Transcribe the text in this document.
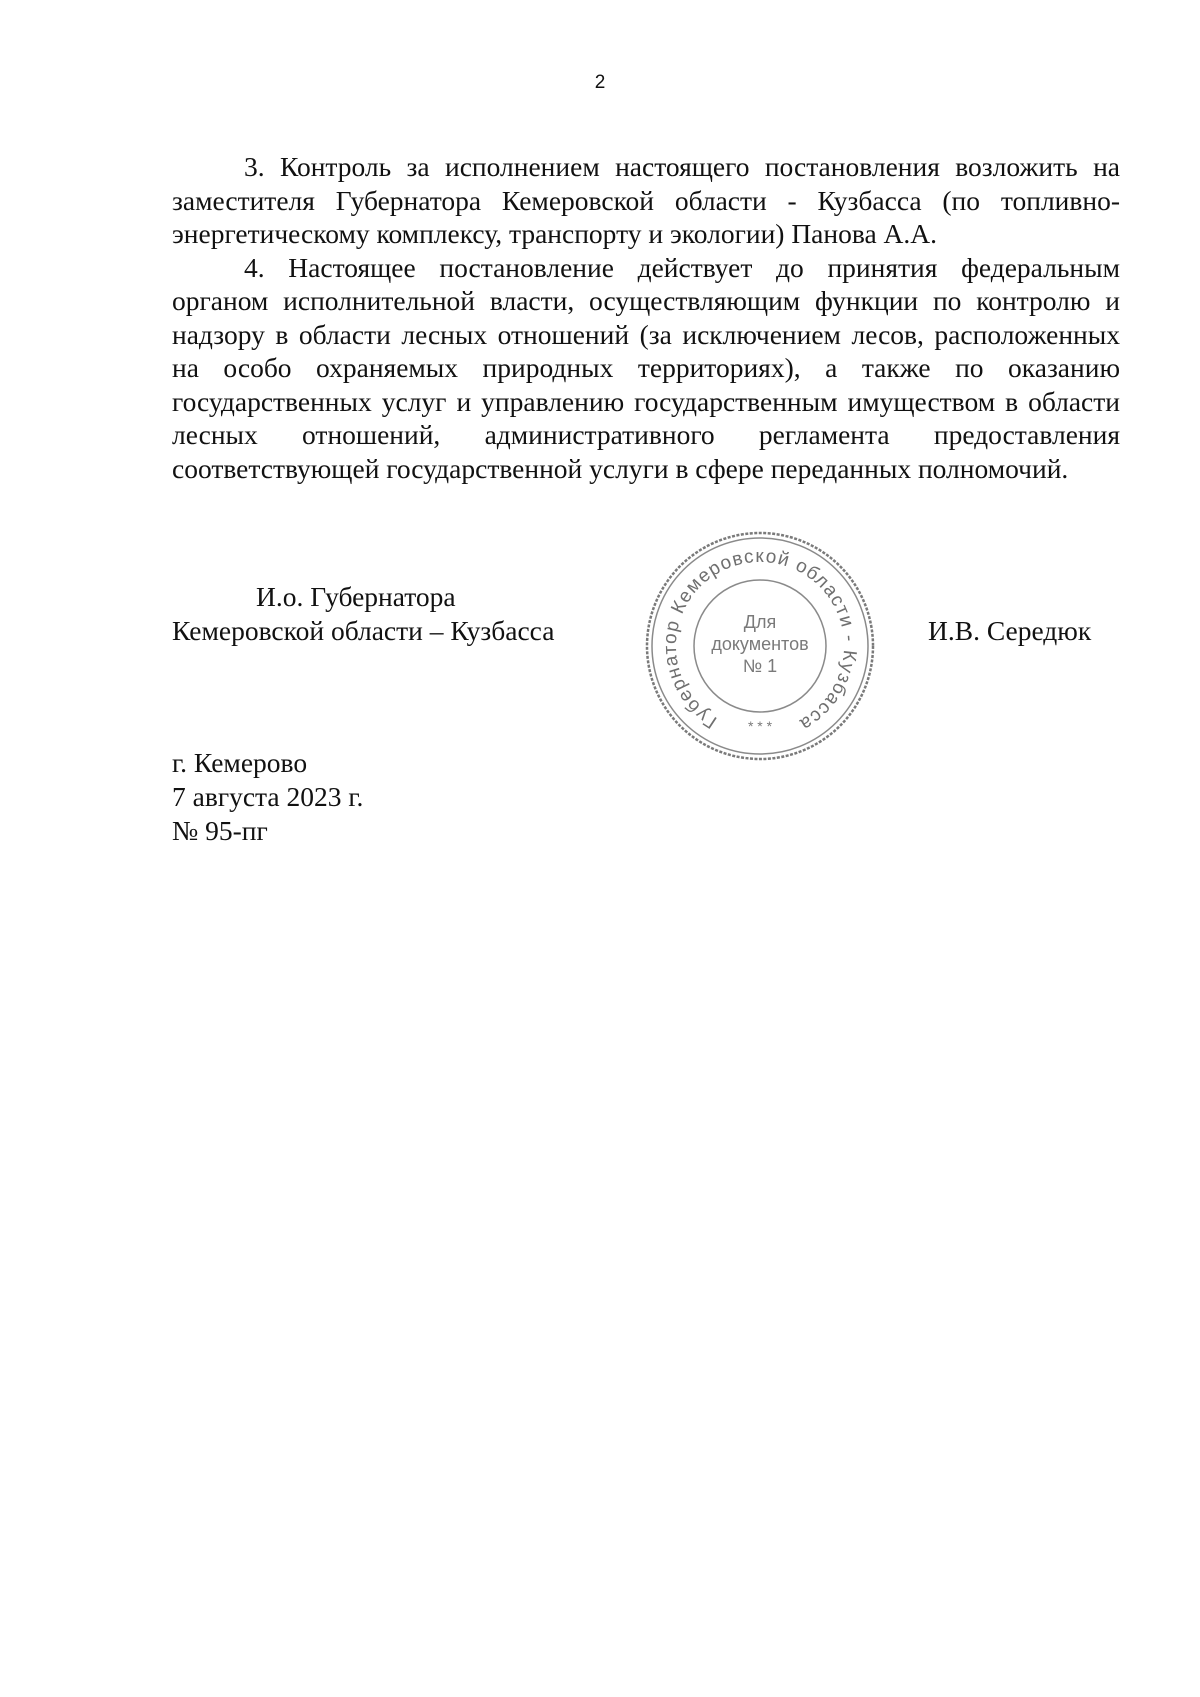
2

3. Контроль за исполнением настоящего постановления возложить на заместителя Губернатора Кемеровской области - Кузбасса (по топливно-энергетическому комплексу, транспорту и экологии) Панова А.А.

4. Настоящее постановление действует до принятия федеральным органом исполнительной власти, осуществляющим функции по контролю и надзору в области лесных отношений (за исключением лесов, расположенных на особо охраняемых природных территориях), а также по оказанию государственных услуг и управлению государственным имуществом в области лесных отношений, административного регламента предоставления соответствующей государственной услуги в сфере переданных полномочий.

И.о. Губернатора
Кемеровской области – Кузбасса
Губернатор Кемеровской области - Кузбасса
Для
документов
№ 1
* * *
И.В. Середюк
г. Кемерово
7 августа 2023 г.
№ 95-пг
